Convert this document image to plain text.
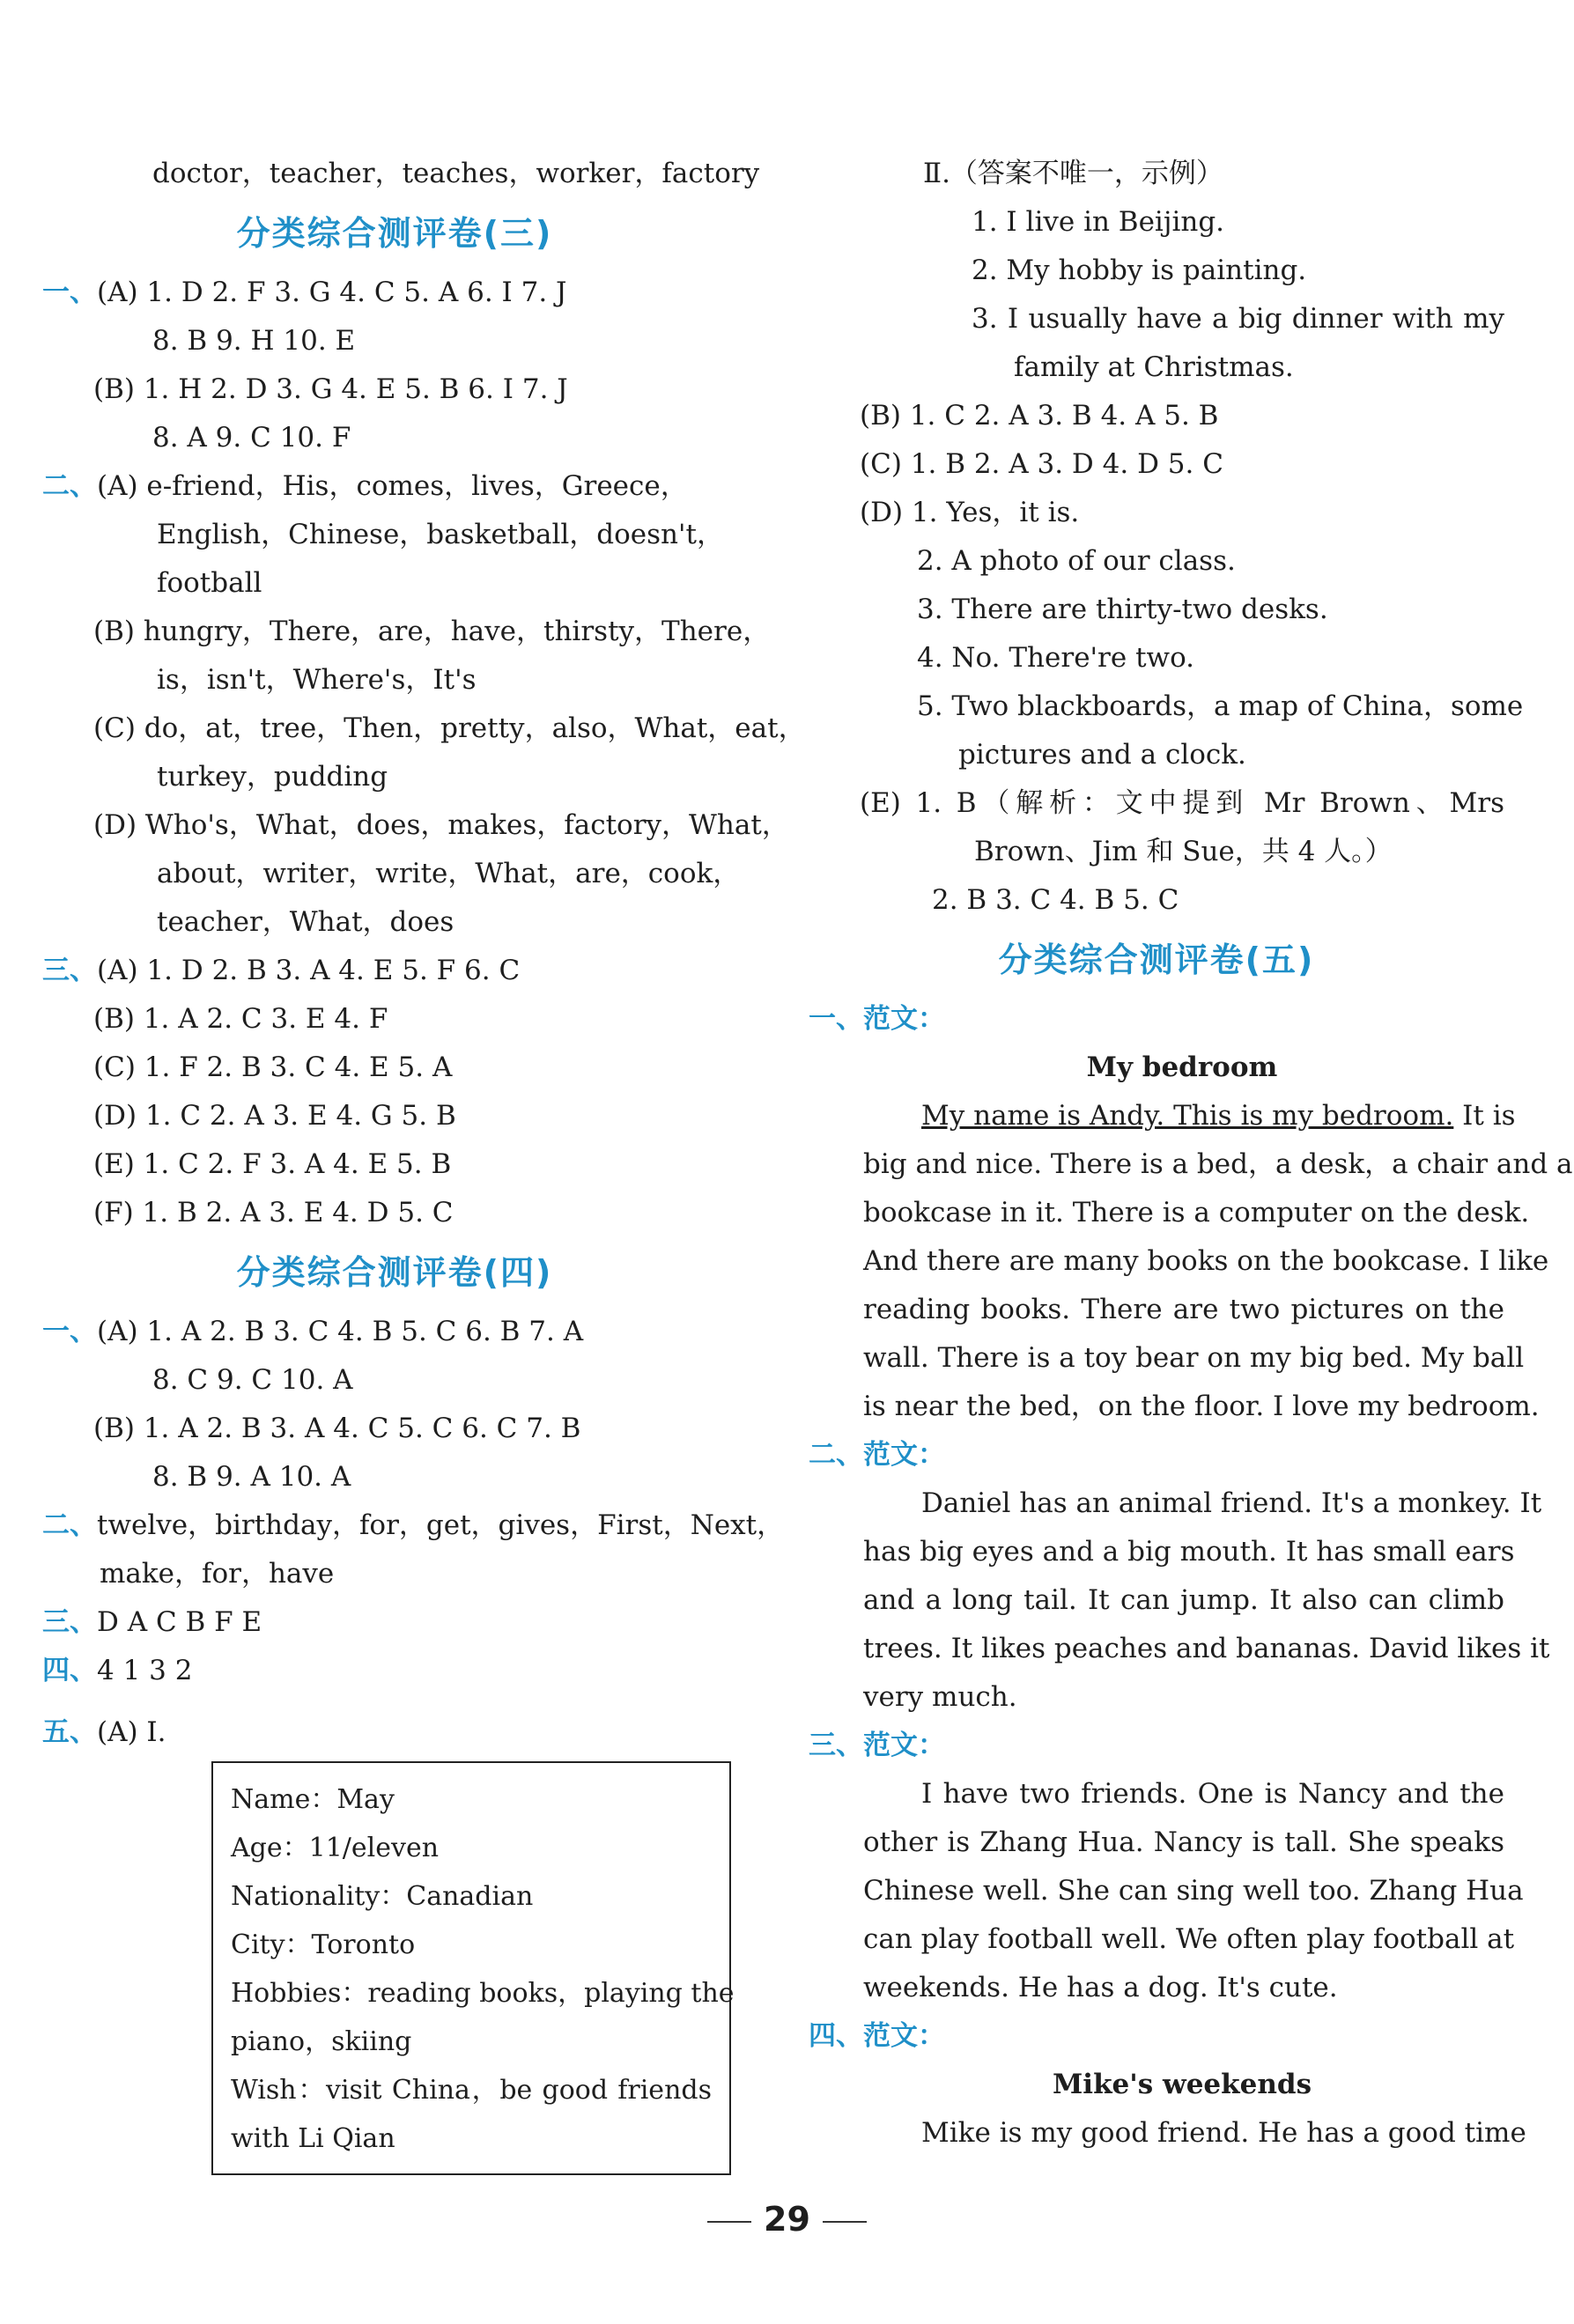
doctor，teacher，teaches，worker，factory
分类综合测评卷(三)
一、(A) 1. D 2. F 3. G 4. C 5. A 6. I 7. J
8. B 9. H 10. E
(B) 1. H 2. D 3. G 4. E 5. B 6. I 7. J
8. A 9. C 10. F
二、(A) e-friend，His，comes，lives，Greece，
English，Chinese，basketball，doesn't，
football
(B) hungry，There，are，have，thirsty，There，
is，isn't，Where's，It's
(C) do，at，tree，Then，pretty，also，What，eat，
turkey，pudding
(D) Who's，What，does，makes，factory，What，
about，writer，write，What，are，cook，
teacher，What，does
三、(A) 1. D 2. B 3. A 4. E 5. F 6. C
(B) 1. A 2. C 3. E 4. F
(C) 1. F 2. B 3. C 4. E 5. A
(D) 1. C 2. A 3. E 4. G 5. B
(E) 1. C 2. F 3. A 4. E 5. B
(F) 1. B 2. A 3. E 4. D 5. C
分类综合测评卷(四)
一、(A) 1. A 2. B 3. C 4. B 5. C 6. B 7. A
8. C 9. C 10. A
(B) 1. A 2. B 3. A 4. C 5. C 6. C 7. B
8. B 9. A 10. A
二、twelve，birthday，for，get，gives，First，Next，
make，for，have
三、D A C B F E
四、4 1 3 2
五、(A) Ⅰ.
Name：May
Age：11/eleven
Nationality：Canadian
City：Toronto
Hobbies：reading books，playing the
piano，skiing
Wish：visit China，be good friends
with Li Qian
Ⅱ.（答案不唯一，示例）
1. I live in Beijing.
2. My hobby is painting.
3. I usually have a big dinner with my
family at Christmas.
(B) 1. C 2. A 3. B 4. A 5. B
(C) 1. B 2. A 3. D 4. D 5. C
(D) 1. Yes，it is.
2. A photo of our class.
3. There are thirty-two desks.
4. No. There're two.
5. Two blackboards，a map of China，some
pictures and a clock.
(E) 1. B（解析：文中提到 Mr Brown、Mrs
Brown、Jim 和 Sue，共 4 人。）
2. B 3. C 4. B 5. C
分类综合测评卷(五)
一、范文：
My bedroom
My name is Andy. This is my bedroom. It is
big and nice. There is a bed，a desk，a chair and a
bookcase in it. There is a computer on the desk.
And there are many books on the bookcase. I like
reading books. There are two pictures on the
wall. There is a toy bear on my big bed. My ball
is near the bed，on the floor. I love my bedroom.
二、范文：
Daniel has an animal friend. It's a monkey. It
has big eyes and a big mouth. It has small ears
and a long tail. It can jump. It also can climb
trees. It likes peaches and bananas. David likes it
very much.
三、范文：
I have two friends. One is Nancy and the
other is Zhang Hua. Nancy is tall. She speaks
Chinese well. She can sing well too. Zhang Hua
can play football well. We often play football at
weekends. He has a dog. It's cute.
四、范文：
Mike's weekends
Mike is my good friend. He has a good time
29
